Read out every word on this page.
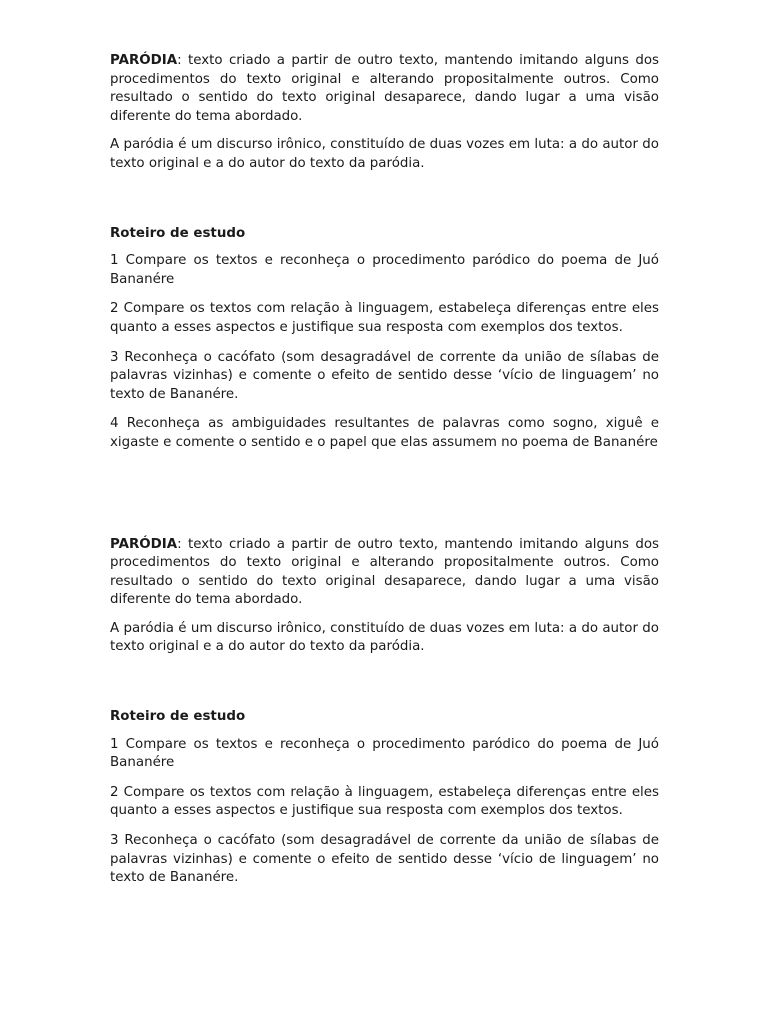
PARÓDIA: texto criado a partir de outro texto, mantendo imitando alguns dos procedimentos do texto original e alterando propositalmente outros. Como resultado o sentido do texto original desaparece, dando lugar a uma visão diferente do tema abordado.

A paródia é um discurso irônico, constituído de duas vozes em luta: a do autor do texto original e a do autor do texto da paródia.

Roteiro de estudo

1 Compare os textos e reconheça o procedimento paródico do poema de Juó Bananére

2 Compare os textos com relação à linguagem, estabeleça diferenças entre eles quanto a esses aspectos e justifique sua resposta com exemplos dos textos.

3 Reconheça o cacófato (som desagradável de corrente da união de sílabas de palavras vizinhas) e comente o efeito de sentido desse ‘vício de linguagem’ no texto de Bananére.

4 Reconheça as ambiguidades resultantes de palavras como sogno, xiguê e xigaste e comente o sentido e o papel que elas assumem no poema de Bananére

PARÓDIA: texto criado a partir de outro texto, mantendo imitando alguns dos procedimentos do texto original e alterando propositalmente outros. Como resultado o sentido do texto original desaparece, dando lugar a uma visão diferente do tema abordado.

A paródia é um discurso irônico, constituído de duas vozes em luta: a do autor do texto original e a do autor do texto da paródia.

Roteiro de estudo

1 Compare os textos e reconheça o procedimento paródico do poema de Juó Bananére

2 Compare os textos com relação à linguagem, estabeleça diferenças entre eles quanto a esses aspectos e justifique sua resposta com exemplos dos textos.

3 Reconheça o cacófato (som desagradável de corrente da união de sílabas de palavras vizinhas) e comente o efeito de sentido desse ‘vício de linguagem’ no texto de Bananére.
